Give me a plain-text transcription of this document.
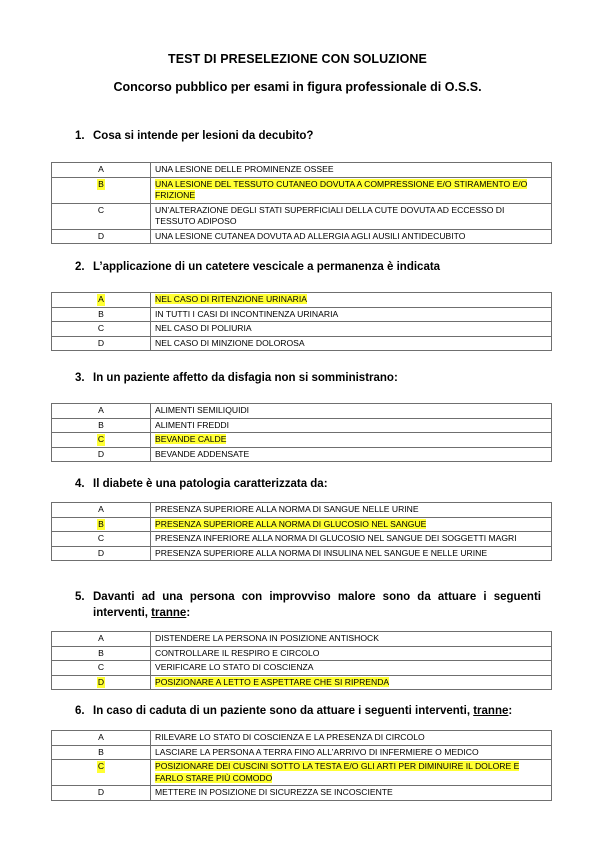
TEST DI PRESELEZIONE CON SOLUZIONE
Concorso pubblico per esami in figura professionale di O.S.S.
1. Cosa si intende per lesioni da decubito?
A	UNA LESIONE DELLE PROMINENZE OSSEE
B	UNA LESIONE DEL TESSUTO CUTANEO DOVUTA A COMPRESSIONE E/O STIRAMENTO E/O FRIZIONE
C	UN’ALTERAZIONE DEGLI STATI SUPERFICIALI DELLA CUTE DOVUTA AD ECCESSO DI TESSUTO ADIPOSO
D	UNA LESIONE CUTANEA DOVUTA AD ALLERGIA AGLI AUSILI ANTIDECUBITO
2. L’applicazione di un catetere vescicale a permanenza è indicata
A	NEL CASO DI RITENZIONE URINARIA
B	IN TUTTI I CASI DI INCONTINENZA URINARIA
C	NEL CASO DI POLIURIA
D	NEL CASO DI MINZIONE DOLOROSA
3. In un paziente affetto da disfagia non si somministrano:
A	ALIMENTI SEMILIQUIDI
B	ALIMENTI FREDDI
C	BEVANDE CALDE
D	BEVANDE ADDENSATE
4. Il diabete è una patologia caratterizzata da:
A	PRESENZA SUPERIORE ALLA NORMA DI SANGUE NELLE URINE
B	PRESENZA SUPERIORE ALLA NORMA DI GLUCOSIO NEL SANGUE
C	PRESENZA INFERIORE ALLA NORMA DI GLUCOSIO NEL SANGUE DEI SOGGETTI MAGRI
D	PRESENZA SUPERIORE ALLA NORMA DI INSULINA NEL SANGUE E NELLE URINE
5. Davanti ad una persona con improvviso malore sono da attuare i seguenti interventi, tranne:
A	DISTENDERE LA PERSONA IN POSIZIONE ANTISHOCK
B	CONTROLLARE IL RESPIRO E CIRCOLO
C	VERIFICARE LO STATO DI COSCIENZA
D	POSIZIONARE A LETTO E ASPETTARE CHE SI RIPRENDA
6. In caso di caduta di un paziente sono da attuare i seguenti interventi, tranne:
A	RILEVARE LO STATO DI COSCIENZA E LA PRESENZA DI CIRCOLO
B	LASCIARE LA PERSONA A TERRA FINO ALL’ARRIVO DI INFERMIERE O MEDICO
C	POSIZIONARE DEI CUSCINI SOTTO LA TESTA E/O GLI ARTI PER DIMINUIRE IL DOLORE E FARLO STARE PIÙ COMODO
D	METTERE IN POSIZIONE DI SICUREZZA SE INCOSCIENTE
